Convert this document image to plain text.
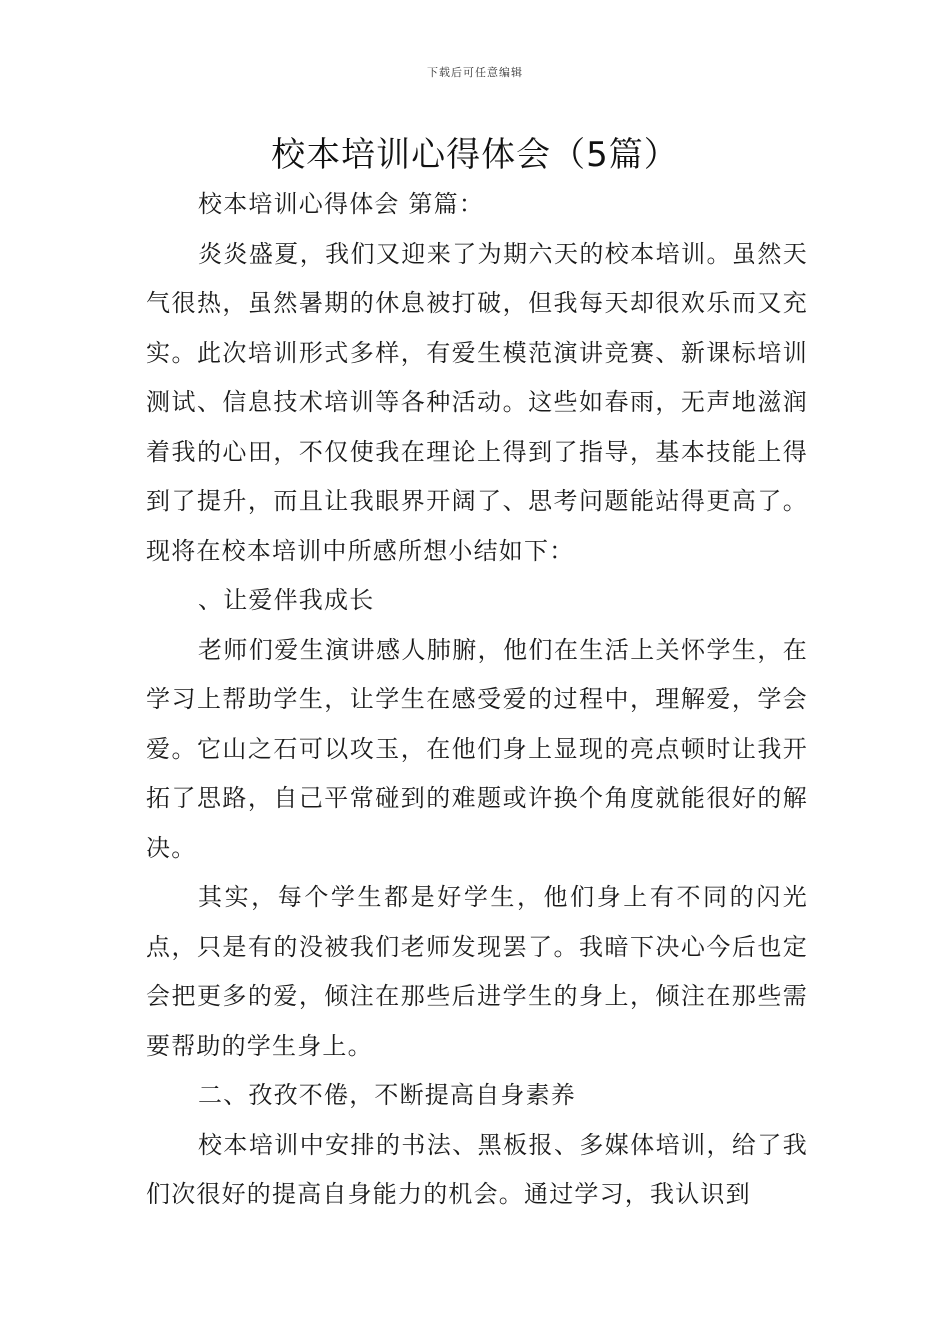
下载后可任意编辑
校本培训心得体会（5篇）

校本培训心得体会 第篇：

炎炎盛夏，我们又迎来了为期六天的校本培训。虽然天气很热，虽然暑期的休息被打破，但我每天却很欢乐而又充实。此次培训形式多样，有爱生模范演讲竞赛、新课标培训测试、信息技术培训等各种活动。这些如春雨，无声地滋润着我的心田，不仅使我在理论上得到了指导，基本技能上得到了提升，而且让我眼界开阔了、思考问题能站得更高了。现将在校本培训中所感所想小结如下：

、让爱伴我成长

老师们爱生演讲感人肺腑，他们在生活上关怀学生，在学习上帮助学生，让学生在感受爱的过程中，理解爱，学会爱。它山之石可以攻玉，在他们身上显现的亮点顿时让我开拓了思路，自己平常碰到的难题或许换个角度就能很好的解决。

其实，每个学生都是好学生，他们身上有不同的闪光点，只是有的没被我们老师发现罢了。我暗下决心今后也定会把更多的爱，倾注在那些后进学生的身上，倾注在那些需要帮助的学生身上。

二、孜孜不倦，不断提高自身素养

校本培训中安排的书法、黑板报、多媒体培训，给了我们次很好的提高自身能力的机会。通过学习，我认识到
